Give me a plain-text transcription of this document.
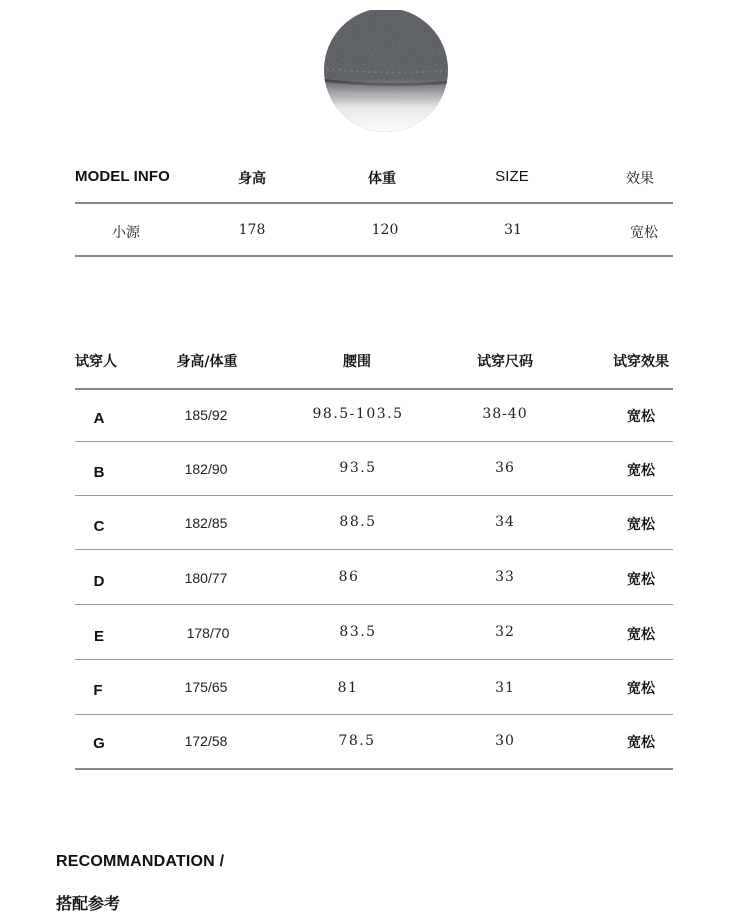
MODEL INFO	身高	体重	SIZE	效果
小源	178	120	31	宽松
试穿人	身高/体重	腰围	试穿尺码	试穿效果
A	185/92	98.5-103.5	38-40	宽松
B	182/90	93.5	36	宽松
C	182/85	88.5	34	宽松
D	180/77	86	33	宽松
E	178/70	83.5	32	宽松
F	175/65	81	31	宽松
G	172/58	78.5	30	宽松
RECOMMANDATION /
搭配参考
